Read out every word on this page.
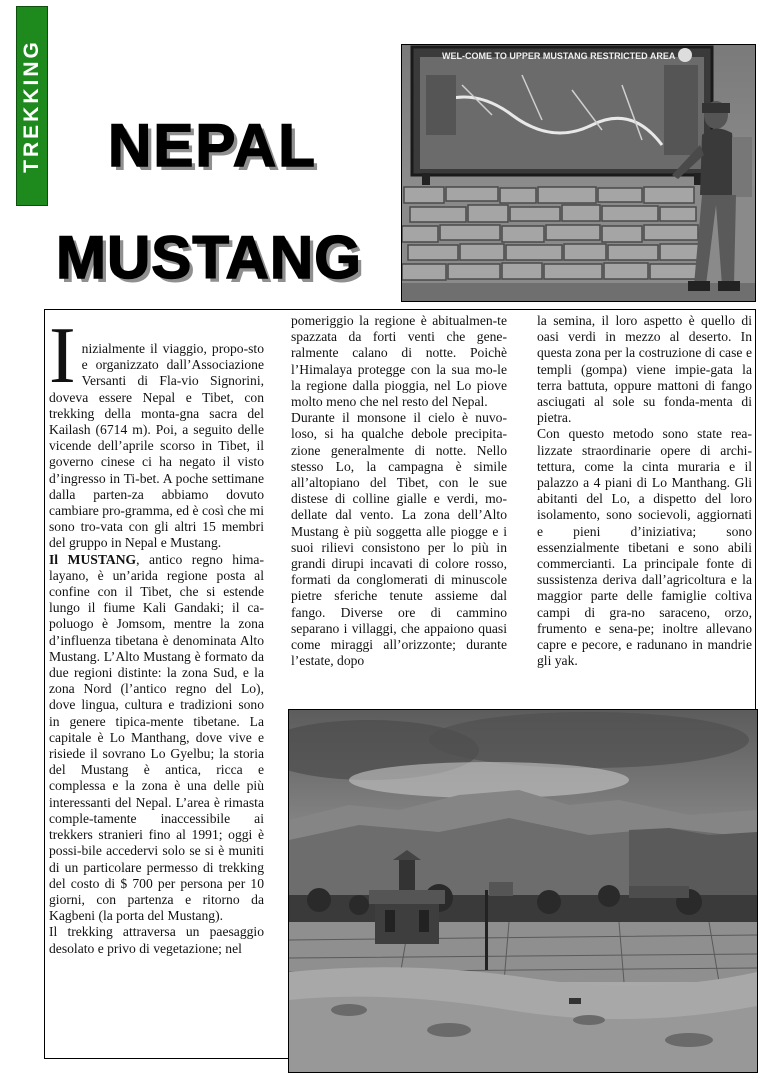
TREKKING NEPAL
MUSTANG
WEL-COME TO UPPER MUSTANG RESTRICTED AREA
I nizialmente il viaggio, propo-sto e organizzato dall’Associazione Versanti di Fla-vio Signorini, doveva essere Nepal e Tibet, con trekking della monta-gna sacra del Kailash (6714 m). Poi, a seguito delle vicende dell’aprile scorso in Tibet, il governo cinese ci ha negato il visto d’ingresso in Ti-bet. A poche settimane dalla parten-za abbiamo dovuto cambiare pro-gramma, ed è così che mi sono tro-vata con gli altri 15 membri del gruppo in Nepal e Mustang.

Il MUSTANG, antico regno hima-layano, è un’arida regione posta al confine con il Tibet, che si estende lungo il fiume Kali Gandaki; il ca-poluogo è Jomsom, mentre la zona d’influenza tibetana è denominata Alto Mustang. L’Alto Mustang è formato da due regioni distinte: la zona Sud, e la zona Nord (l’antico regno del Lo), dove lingua, cultura e tradizioni sono in genere tipica-mente tibetane. La capitale è Lo Manthang, dove vive e risiede il sovrano Lo Gyelbu; la storia del Mustang è antica, ricca e complessa e la zona è una delle più interessanti del Nepal. L’area è rimasta comple-tamente inaccessibile ai trekkers stranieri fino al 1991; oggi è possi-bile accedervi solo se si è muniti di un particolare permesso di trekking del costo di $ 700 per persona per 10 giorni, con partenza e ritorno da Kagbeni (la porta del Mustang).

Il trekking attraversa un paesaggio desolato e privo di vegetazione; nel

pomeriggio la regione è abitualmen-te spazzata da forti venti che gene-ralmente calano di notte. Poichè l’Himalaya protegge con la sua mo-le la regione dalla pioggia, nel Lo piove molto meno che nel resto del Nepal.

Durante il monsone il cielo è nuvo-loso, si ha qualche debole precipita-zione generalmente di notte. Nello stesso Lo, la campagna è simile all’altopiano del Tibet, con le sue distese di colline gialle e verdi, mo-dellate dal vento. La zona dell’Alto Mustang è più soggetta alle piogge e i suoi rilievi consistono per lo più in grandi dirupi incavati di colore rosso, formati da conglomerati di minuscole pietre sferiche tenute assieme dal fango. Diverse ore di cammino separano i villaggi, che appaiono quasi come miraggi all’orizzonte; durante l’estate, dopo

la semina, il loro aspetto è quello di oasi verdi in mezzo al deserto. In questa zona per la costruzione di case e templi (gompa) viene impie-gata la terra battuta, oppure mattoni di fango asciugati al sole su fonda-menta di pietra.

Con questo metodo sono state rea-lizzate straordinarie opere di archi-tettura, come la cinta muraria e il palazzo a 4 piani di Lo Manthang. Gli abitanti del Lo, a dispetto del loro isolamento, sono socievoli, aggiornati e pieni d’iniziativa; sono essenzialmente tibetani e sono abili commercianti. La principale fonte di sussistenza deriva dall’agricoltura e la maggior parte delle famiglie coltiva campi di gra-no saraceno, orzo, frumento e sena-pe; inoltre allevano capre e pecore, e radunano in mandrie gli yak.
